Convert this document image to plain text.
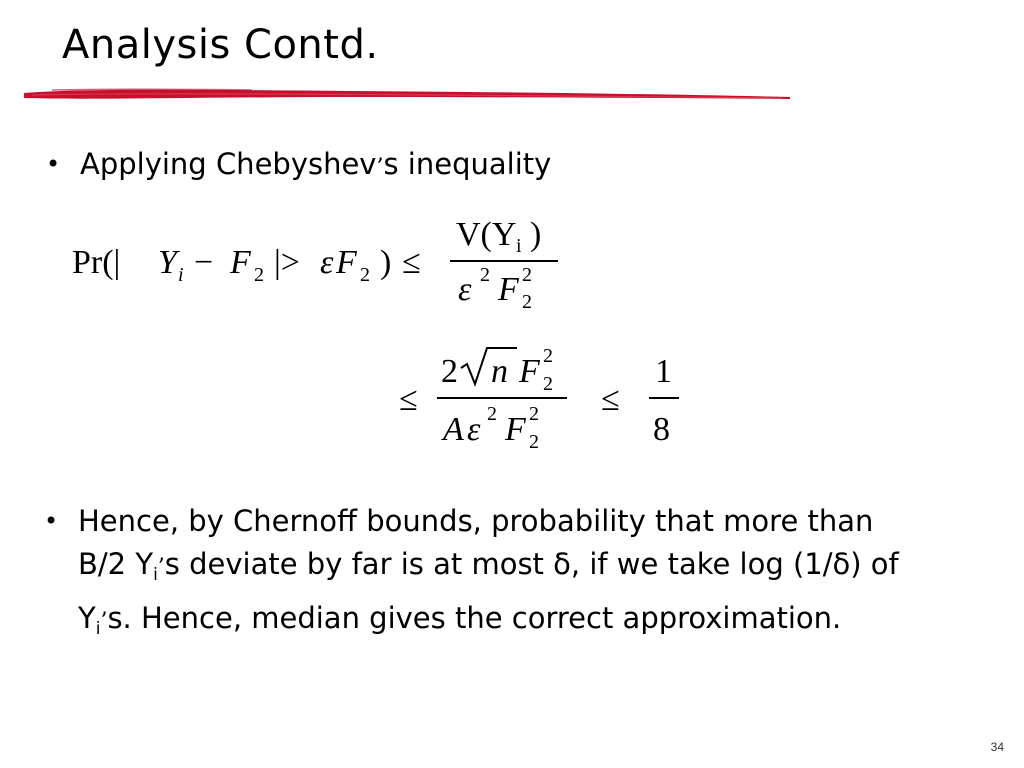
Analysis Contd.
• Applying Chebyshev’s inequality
Pr(| Y i − F 2 |> ε F 2 ) ≤
V(Y i )
ε 2 F 2
2
≤
2 n F 2
2
A ε 2 F 2
2
≤
1
8
• Hence, by Chernoff bounds, probability that more than
B/2 $Y_i’s$ deviate by far is at most δ, if we take log (1/δ) of
$Y_i’s$. Hence, median gives the correct approximation.
34
